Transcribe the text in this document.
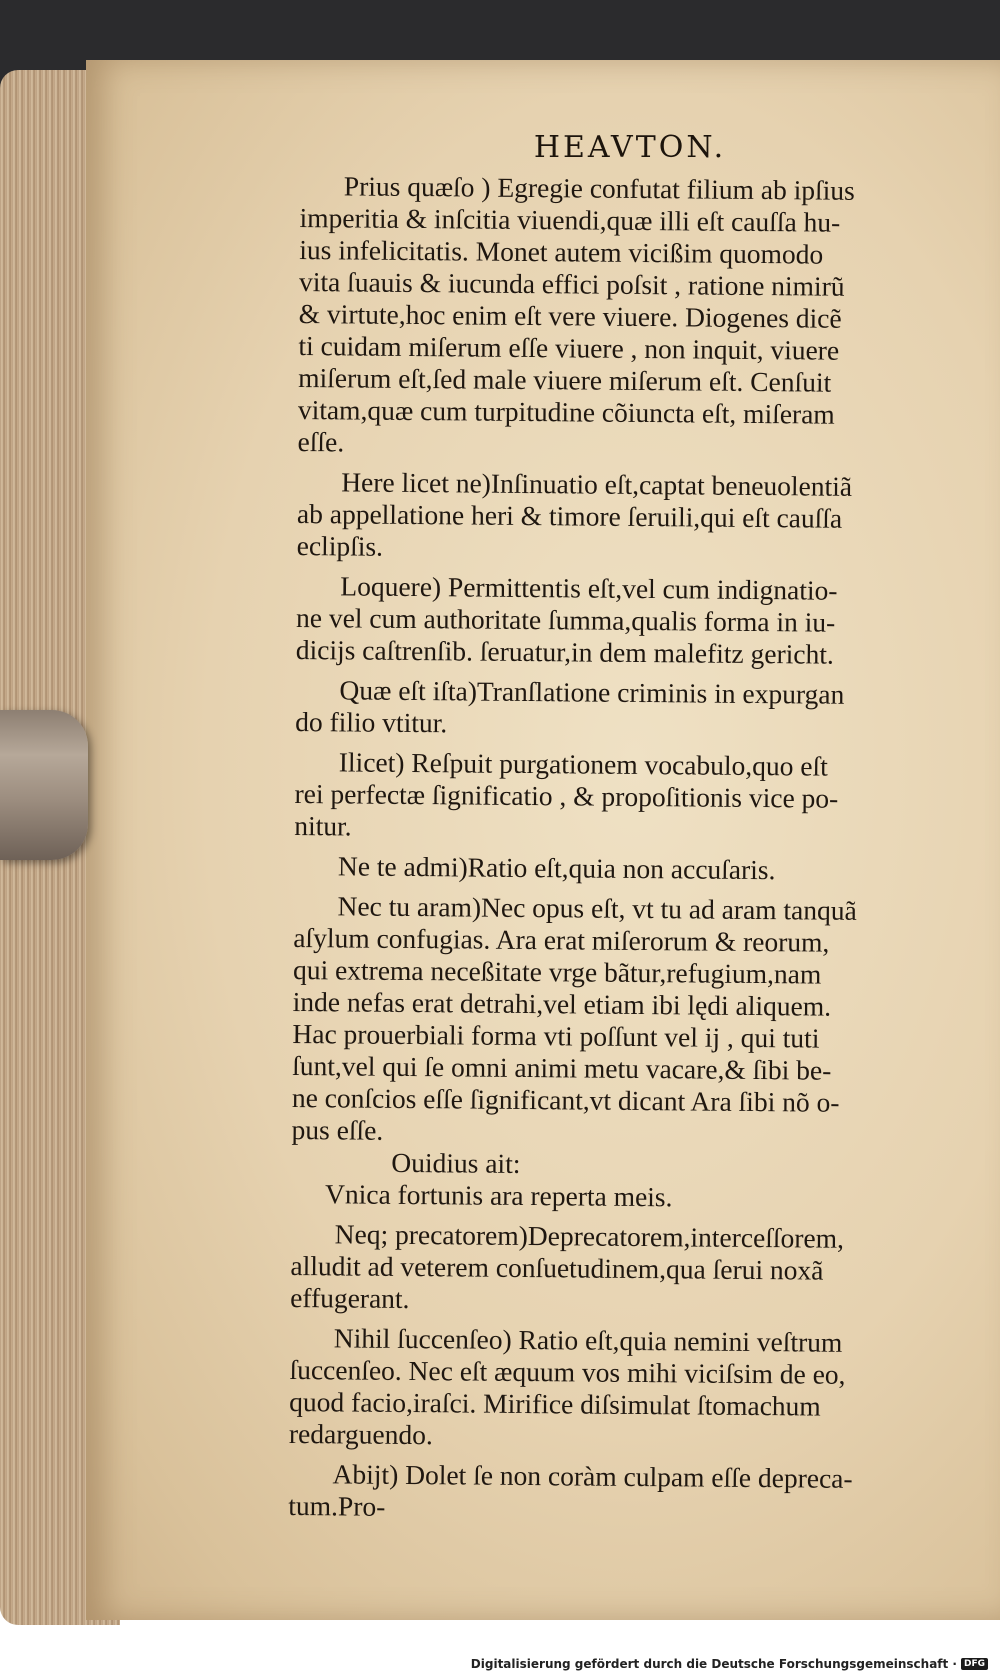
HEAVTON.
Prius quæſo ) Egregie confutat filium ab ipſius
imperitia & inſcitia viuendi,quæ illi eſt cauſſa hu-
ius infelicitatis. Monet autem vicißim quomodo
vita ſuauis & iucunda effici poſsit , ratione nimirũ
& virtute,hoc enim eſt vere viuere. Diogenes dicẽ
ti cuidam miſerum eſſe viuere , non inquit, viuere
miſerum eſt,ſed male viuere miſerum eſt. Cenſuit
vitam,quæ cum turpitudine cõiuncta eſt, miſeram
eſſe.
Here licet ne)Inſinuatio eſt,captat beneuolentiã
ab appellatione heri & timore ſeruili,qui eſt cauſſa
eclipſis.
Loquere) Permittentis eſt,vel cum indignatio-
ne vel cum authoritate ſumma,qualis forma in iu-
dicijs caſtrenſib. ſeruatur,in dem malefitz gericht.
Quæ eſt iſta)Tranſlatione criminis in expurgan
do filio vtitur.
Ilicet) Reſpuit purgationem vocabulo,quo eſt
rei perfectæ ſignificatio , & propoſitionis vice po-
nitur.
Ne te admi)Ratio eſt,quia non accuſaris.
Nec tu aram)Nec opus eſt, vt tu ad aram tanquã
aſylum confugias. Ara erat miſerorum & reorum,
qui extrema neceßitate vrge bãtur,refugium,nam
inde nefas erat detrahi,vel etiam ibi lędi aliquem.
Hac prouerbiali forma vti poſſunt vel ij , qui tuti
ſunt,vel qui ſe omni animi metu vacare,& ſibi be-
ne conſcios eſſe ſignificant,vt dicant Ara ſibi nõ o-
pus eſſe.
Ouidius ait:
Vnica fortunis ara reperta meis.
Neq; precatorem)Deprecatorem,interceſſorem,
alludit ad veterem conſuetudinem,qua ſerui noxã
effugerant.
Nihil ſuccenſeo) Ratio eſt,quia nemini veſtrum
ſuccenſeo. Nec eſt æquum vos mihi viciſsim de eo,
quod facio,iraſci. Mirifice diſsimulat ſtomachum
redarguendo.
Abijt) Dolet ſe non coràm culpam eſſe depreca-
tum.Pro-
Digitalisierung gefördert durch die Deutsche Forschungsgemeinschaft · DFG
